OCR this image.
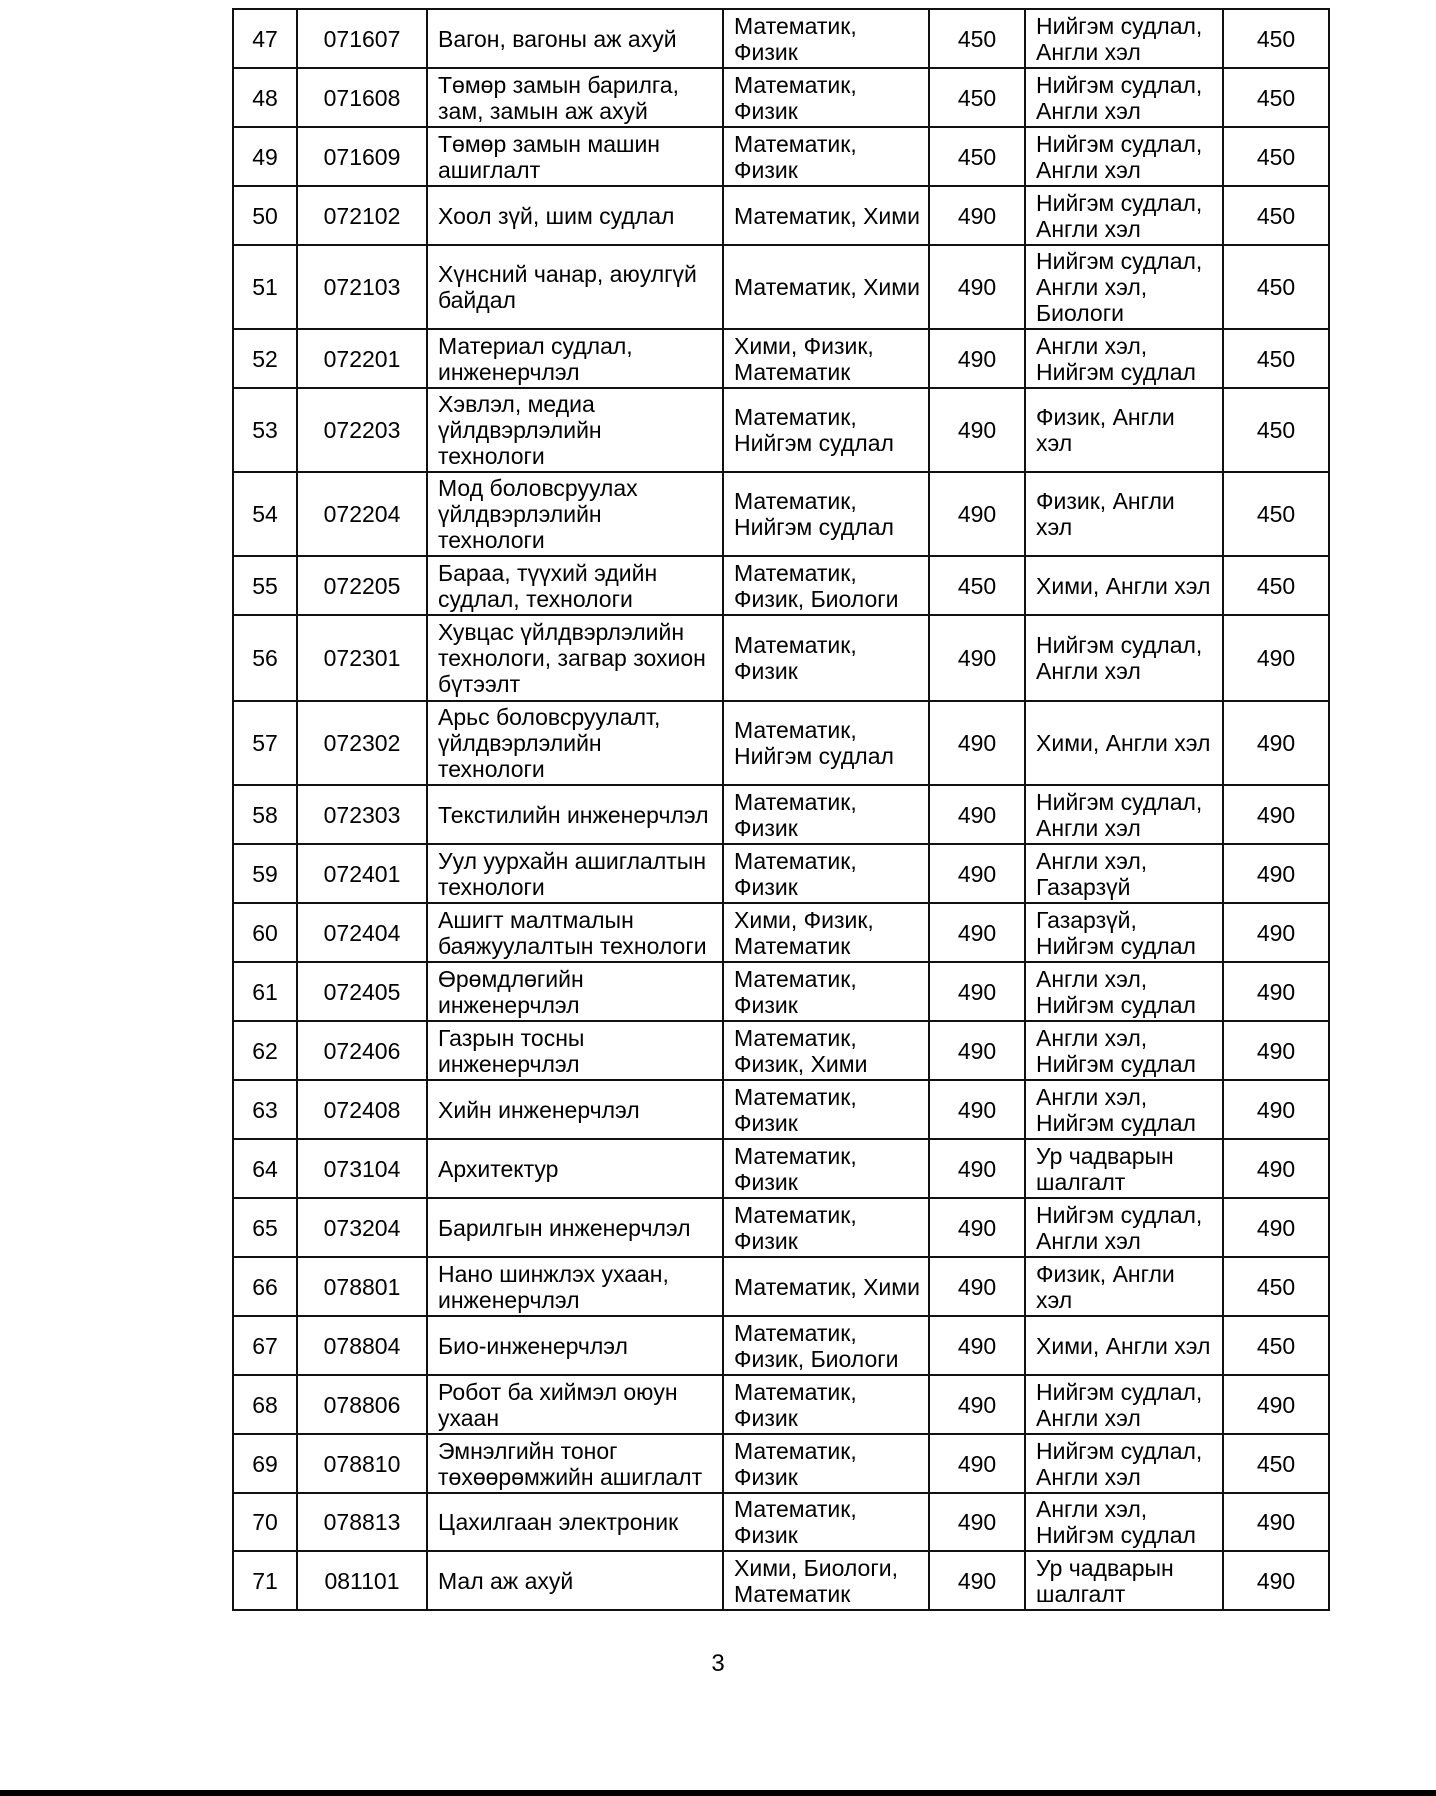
47	071607	Вагон, вагоны аж ахуй	Математик, Физик	450	Нийгэм судлал, Англи хэл	450
48	071608	Төмөр замын барилга, зам, замын аж ахуй	Математик, Физик	450	Нийгэм судлал, Англи хэл	450
49	071609	Төмөр замын машин ашиглалт	Математик, Физик	450	Нийгэм судлал, Англи хэл	450
50	072102	Хоол зүй, шим судлал	Математик, Хими	490	Нийгэм судлал, Англи хэл	450
51	072103	Хүнсний чанар, аюулгүй байдал	Математик, Хими	490	Нийгэм судлал, Англи хэл, Биологи	450
52	072201	Материал судлал, инженерчлэл	Хими, Физик, Математик	490	Англи хэл, Нийгэм судлал	450
53	072203	Хэвлэл, медиа үйлдвэрлэлийн технологи	Математик, Нийгэм судлал	490	Физик, Англи хэл	450
54	072204	Мод боловсруулах үйлдвэрлэлийн технологи	Математик, Нийгэм судлал	490	Физик, Англи хэл	450
55	072205	Бараа, түүхий эдийн судлал, технологи	Математик, Физик, Биологи	450	Хими, Англи хэл	450
56	072301	Хувцас үйлдвэрлэлийн технологи, загвар зохион бүтээлт	Математик, Физик	490	Нийгэм судлал, Англи хэл	490
57	072302	Арьс боловсруулалт, үйлдвэрлэлийн технологи	Математик, Нийгэм судлал	490	Хими, Англи хэл	490
58	072303	Текстилийн инженерчлэл	Математик, Физик	490	Нийгэм судлал, Англи хэл	490
59	072401	Уул уурхайн ашиглалтын технологи	Математик, Физик	490	Англи хэл, Газарзүй	490
60	072404	Ашигт малтмалын баяжуулалтын технологи	Хими, Физик, Математик	490	Газарзүй, Нийгэм судлал	490
61	072405	Өрөмдлөгийн инженерчлэл	Математик, Физик	490	Англи хэл, Нийгэм судлал	490
62	072406	Газрын тосны инженерчлэл	Математик, Физик, Хими	490	Англи хэл, Нийгэм судлал	490
63	072408	Хийн инженерчлэл	Математик, Физик	490	Англи хэл, Нийгэм судлал	490
64	073104	Архитектур	Математик, Физик	490	Ур чадварын шалгалт	490
65	073204	Барилгын инженерчлэл	Математик, Физик	490	Нийгэм судлал, Англи хэл	490
66	078801	Нано шинжлэх ухаан, инженерчлэл	Математик, Хими	490	Физик, Англи хэл	450
67	078804	Био-инженерчлэл	Математик, Физик, Биологи	490	Хими, Англи хэл	450
68	078806	Робот ба хиймэл оюун ухаан	Математик, Физик	490	Нийгэм судлал, Англи хэл	490
69	078810	Эмнэлгийн тоног төхөөрөмжийн ашиглалт	Математик, Физик	490	Нийгэм судлал, Англи хэл	450
70	078813	Цахилгаан электроник	Математик, Физик	490	Англи хэл, Нийгэм судлал	490
71	081101	Мал аж ахуй	Хими, Биологи, Математик	490	Ур чадварын шалгалт	490
3
